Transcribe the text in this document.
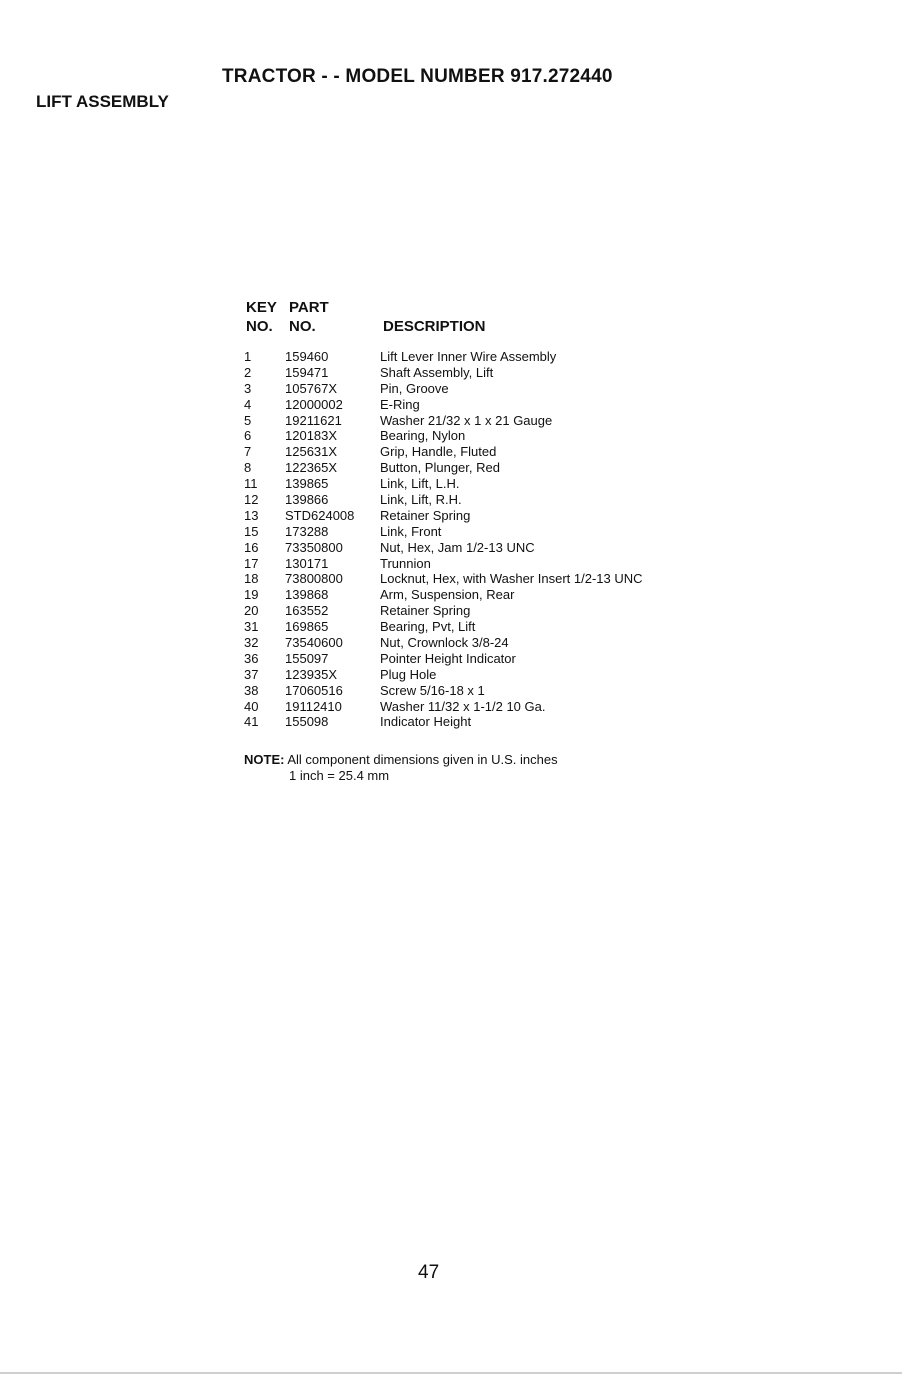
TRACTOR - - MODEL NUMBER 917.272440
LIFT ASSEMBLY
KEY
NO.
PART
NO.	DESCRIPTION
1	159460	Lift Lever Inner Wire Assembly
2	159471	Shaft Assembly, Lift
3	105767X	Pin, Groove
4	12000002	E-Ring
5	19211621	Washer 21/32 x 1 x 21 Gauge
6	120183X	Bearing, Nylon
7	125631X	Grip, Handle, Fluted
8	122365X	Button, Plunger, Red
11 139865	Link, Lift, L.H.
12 139866	Link, Lift, R.H.
13 STD624008 Retainer Spring
15 173288	Link, Front
16 73350800	Nut, Hex, Jam 1/2-13 UNC
17 130171	Trunnion
18 73800800	Locknut, Hex, with Washer Insert 1/2-13 UNC
19 139868	Arm, Suspension, Rear
20 163552	Retainer Spring
31 169865	Bearing, Pvt, Lift
32 73540600	Nut, Crownlock 3/8-24
36 155097	Pointer Height Indicator
37 123935X	Plug Hole
38 17060516	Screw 5/16-18 x 1
40 19112410	Washer 11/32 x 1-1/2 10 Ga.
41 155098	Indicator Height
NOTE: All component dimensions given in U.S. inches
1 inch = 25.4 mm
47
